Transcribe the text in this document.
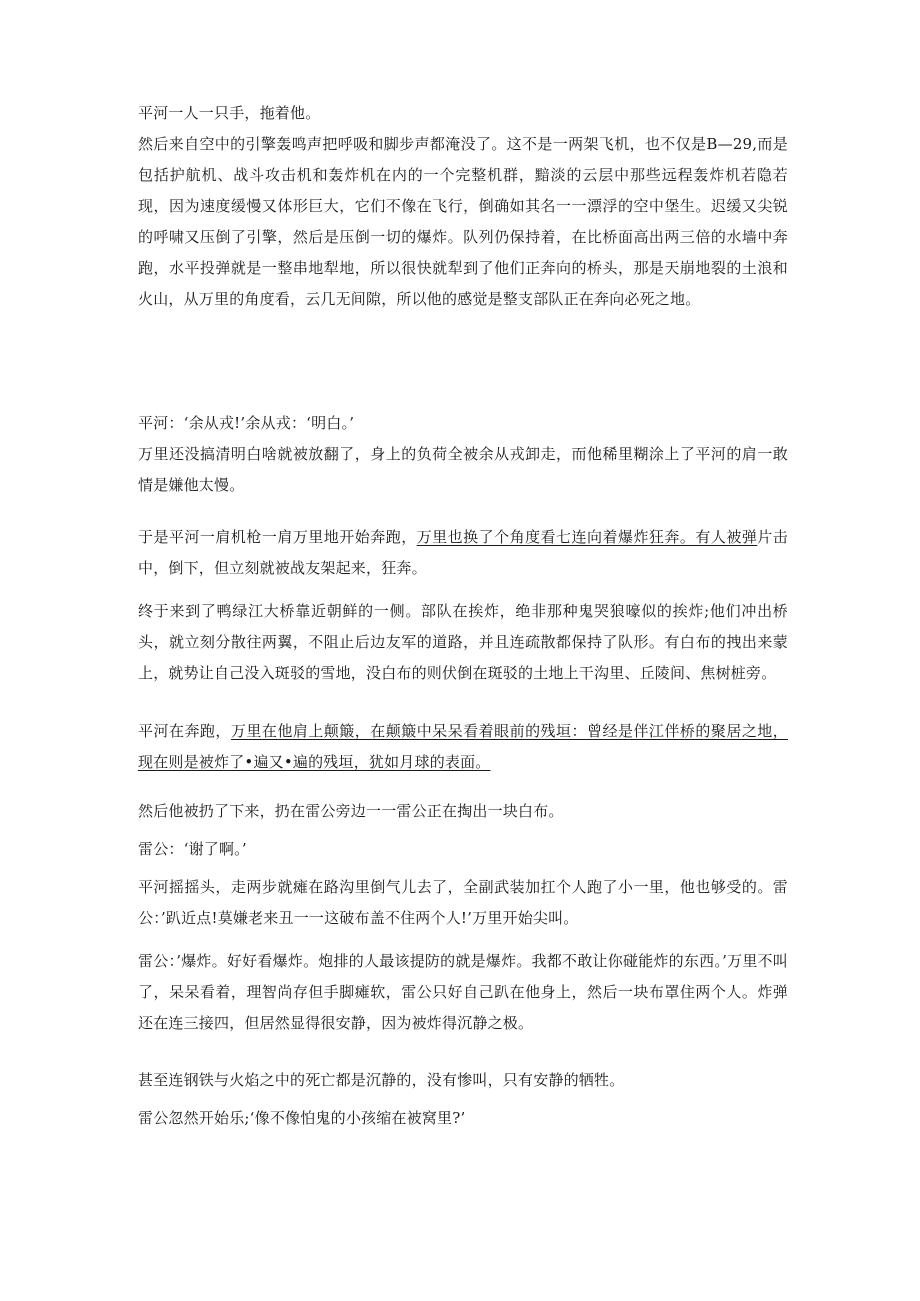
平河一人一只手，拖着他。

然后来自空中的引擎轰鸣声把呼吸和脚步声都淹没了。这不是一两架飞机，也不仅是B—29,而是包括护航机、战斗攻击机和轰炸机在内的一个完整机群，黯淡的云层中那些远程轰炸机若隐若现，因为速度缓慢又体形巨大，它们不像在飞行，倒确如其名一一漂浮的空中堡生。迟缓又尖锐的呼啸又压倒了引擎，然后是压倒一切的爆炸。队列仍保持着，在比桥面高出两三倍的水墙中奔跑，水平投弹就是一整串地犁地，所以很快就犁到了他们正奔向的桥头，那是天崩地裂的土浪和火山，从万里的角度看，云几无间隙，所以他的感觉是整支部队正在奔向必死之地。

平河：‘余从戎!’余从戎：‘明白。’

万里还没搞清明白啥就被放翻了，身上的负荷全被余从戎卸走，而他稀里糊涂上了平河的肩一敢情是嫌他太慢。

于是平河一肩机枪一肩万里地开始奔跑，万里也换了个角度看七连向着爆炸狂奔。有人被弹片击中，倒下，但立刻就被战友架起来，狂奔。

终于来到了鸭绿江大桥靠近朝鲜的一侧。部队在挨炸，绝非那种鬼哭狼嚎似的挨炸;他们冲出桥头，就立刻分散往两翼，不阻止后边友军的道路，并且连疏散都保持了队形。有白布的拽出来蒙上，就势让自己没入斑驳的雪地，没白布的则伏倒在斑驳的土地上干沟里、丘陵间、焦树桩旁。

平河在奔跑，万里在他肩上颠簸，在颠簸中呆呆看着眼前的残垣：曾经是伴江伴桥的聚居之地，现在则是被炸了•遍又•遍的残垣，犹如月球的表面。

然后他被扔了下来，扔在雷公旁边一一雷公正在掏出一块白布。

雷公：‘谢了啊。’

平河摇摇头，走两步就瘫在路沟里倒气儿去了，全副武装加扛个人跑了小一里，他也够受的。雷公：’趴近点!莫嫌老来丑一一这破布盖不住两个人!’万里开始尖叫。

雷公：’爆炸。好好看爆炸。炮排的人最该提防的就是爆炸。我都不敢让你碰能炸的东西。’万里不叫了，呆呆看着，理智尚存但手脚瘫软，雷公只好自己趴在他身上，然后一块布罩住两个人。炸弹还在连三接四，但居然显得很安静，因为被炸得沉静之极。

甚至连钢铁与火焰之中的死亡都是沉静的，没有惨叫，只有安静的牺牲。

雷公忽然开始乐;‘像不像怕鬼的小孩缩在被窝里?’
